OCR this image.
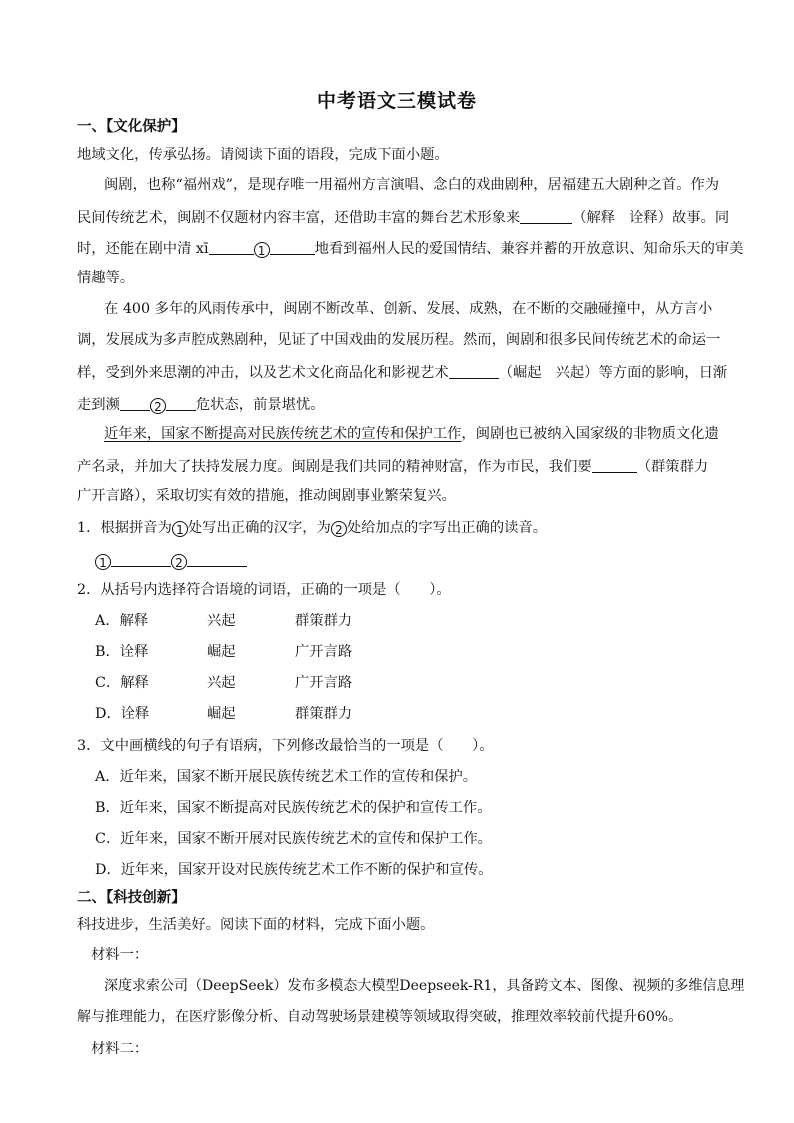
中考语文三模试卷
一、【文化保护】
地域文化，传承弘扬。请阅读下面的语段，完成下面小题。
闽剧，也称“福州戏”，是现存唯一用福州方言演唱、念白的戏曲剧种，居福建五大剧种之首。作为
民间传统艺术，闽剧不仅题材内容丰富，还借助丰富的舞台艺术形象来	（解释 诠释）故事。同
时，还能在剧中清 xī	1	地看到福州人民的爱国情结、兼容并蓄的开放意识、知命乐天的审美
情趣等。
在 400 多年的风雨传承中，闽剧不断改革、创新、发展、成熟，在不断的交融碰撞中，从方言小
调，发展成为多声腔成熟剧种，见证了中国戏曲的发展历程。然而，闽剧和很多民间传统艺术的命运一
样，受到外来思潮的冲击，以及艺术文化商品化和影视艺术	（崛起 兴起）等方面的影响，日渐
走到濒	2 危状态，前景堪忧。
近年来，国家不断提高对民族传统艺术的宣传和保护工作，闽剧也已被纳入国家级的非物质文化遗
产名录，并加大了扶持发展力度。闽剧是我们共同的精神财富，作为市民，我们要	（群策群力
广开言路），采取切实有效的措施，推动闽剧事业繁荣复兴。
1．根据拼音为 1 处写出正确的汉字，为 2 处给加点的字写出正确的读音。
1	2
2．从括号内选择符合语境的词语，正确的一项是（　　）。
A．解释	兴起	群策群力
B．诠释	崛起	广开言路
C．解释	兴起	广开言路
D．诠释	崛起	群策群力
3．文中画横线的句子有语病，下列修改最恰当的一项是（　　）。
A．近年来，国家不断开展民族传统艺术工作的宣传和保护。
B．近年来，国家不断提高对民族传统艺术的保护和宣传工作。
C．近年来，国家不断开展对民族传统艺术的宣传和保护工作。
D．近年来，国家开设对民族传统艺术工作不断的保护和宣传。
二、【科技创新】
科技进步，生活美好。阅读下面的材料，完成下面小题。
材料一：
深度求索公司（DeepSeek）发布多模态大模型Deepseek-R1，具备跨文本、图像、视频的多维信息理
解与推理能力，在医疗影像分析、自动驾驶场景建模等领域取得突破，推理效率较前代提升60%。
材料二：
